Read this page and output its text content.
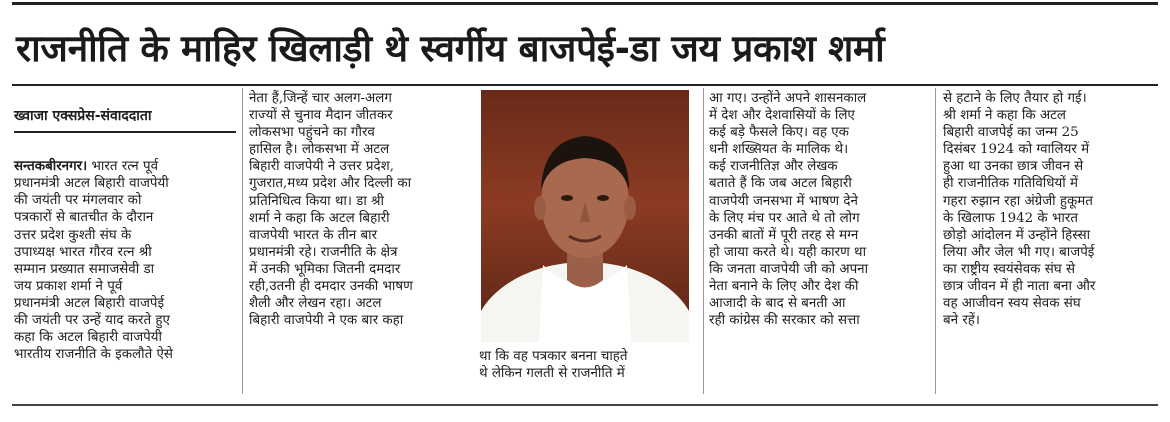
राजनीति के माहिर खिलाड़ी थे स्वर्गीय बाजपेई-डा जय प्रकाश शर्मा

ख्वाजा एक्सप्रेस-संवाददाता

सन्तकबीरनगर। भारत रत्न पूर्व
प्रधानमंत्री अटल बिहारी वाजपेयी
की जयंती पर मंगलवार को
पत्रकारों से बातचीत के दौरान
उत्तर प्रदेश कुश्ती संघ के
उपाध्यक्ष भारत गौरव रत्न श्री
सम्मान प्रख्यात समाजसेवी डा
जय प्रकाश शर्मा ने पूर्व
प्रधानमंत्री अटल बिहारी वाजपेई
की जयंती पर उन्हें याद करते हुए
कहा कि अटल बिहारी वाजपेयी
भारतीय राजनीति के इकलौते ऐसे

नेता हैं,जिन्हें चार अलग-अलग
राज्यों से चुनाव मैदान जीतकर
लोकसभा पहुंचने का गौरव
हासिल है। लोकसभा में अटल
बिहारी वाजपेयी ने उत्तर प्रदेश,
गुजरात,मध्य प्रदेश और दिल्ली का
प्रतिनिधित्व किया था। डा श्री
शर्मा ने कहा कि अटल बिहारी
वाजपेयी भारत के तीन बार
प्रधानमंत्री रहे। राजनीति के क्षेत्र
में उनकी भूमिका जितनी दमदार
रही,उतनी ही दमदार उनकी भाषण
शैली और लेखन रहा। अटल
बिहारी वाजपेयी ने एक बार कहा
था कि वह पत्रकार बनना चाहते
थे लेकिन गलती से राजनीति में
आ गए। उन्होंने अपने शासनकाल
में देश और देशवासियों के लिए
कई बड़े फैसले किए। वह एक
धनी शख्सियत के मालिक थे।
कई राजनीतिज्ञ और लेखक
बताते हैं कि जब अटल बिहारी
वाजपेयी जनसभा में भाषण देने
के लिए मंच पर आते थे तो लोग
उनकी बातों में पूरी तरह से मग्न
हो जाया करते थे। यही कारण था
कि जनता वाजपेयी जी को अपना
नेता बनाने के लिए और देश की
आजादी के बाद से बनती आ
रही कांग्रेस की सरकार को सत्ता
से हटाने के लिए तैयार हो गई।
श्री शर्मा ने कहा कि अटल
बिहारी वाजपेई का जन्म 25
दिसंबर 1924 को ग्वालियर में
हुआ था उनका छात्र जीवन से
ही राजनीतिक गतिविधियों में
गहरा रुझान रहा अंग्रेजी हुकूमत
के खिलाफ 1942 के भारत
छोड़ो आंदोलन में उन्होंने हिस्सा
लिया और जेल भी गए। बाजपेई
का राष्ट्रीय स्वयंसेवक संघ से
छात्र जीवन में ही नाता बना और
वह आजीवन स्वय सेवक संघ
बने रहें।
